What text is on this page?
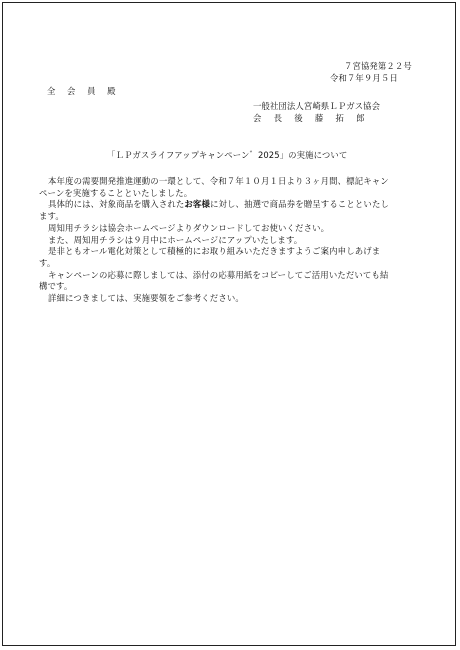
７宮協発第２２号
令和７年９月５日
全 会 員 殿
一般社団法人宮崎県ＬＰガス協会
会 長 後 藤 拓 郎
「ＬＰガスライフアップキャンペーン゛2025」の実施について

本年度の需要開発推進運動の一環として、令和７年１０月１日より３ヶ月間、標記キャン
ペーンを実施することといたしました。

具体的には、対象商品を購入されたお客様に対し、抽選で商品券を贈呈することといたし
ます。

周知用チラシは協会ホームページよりダウンロードしてお使いください。

また、周知用チラシは９月中にホームページにアップいたします。

是非ともオール電化対策として積極的にお取り組みいただきますようご案内申しあげま
す。

キャンペーンの応募に際しましては、添付の応募用紙をコピーしてご活用いただいても結
構です。

詳細につきましては、実施要領をご参考ください。
